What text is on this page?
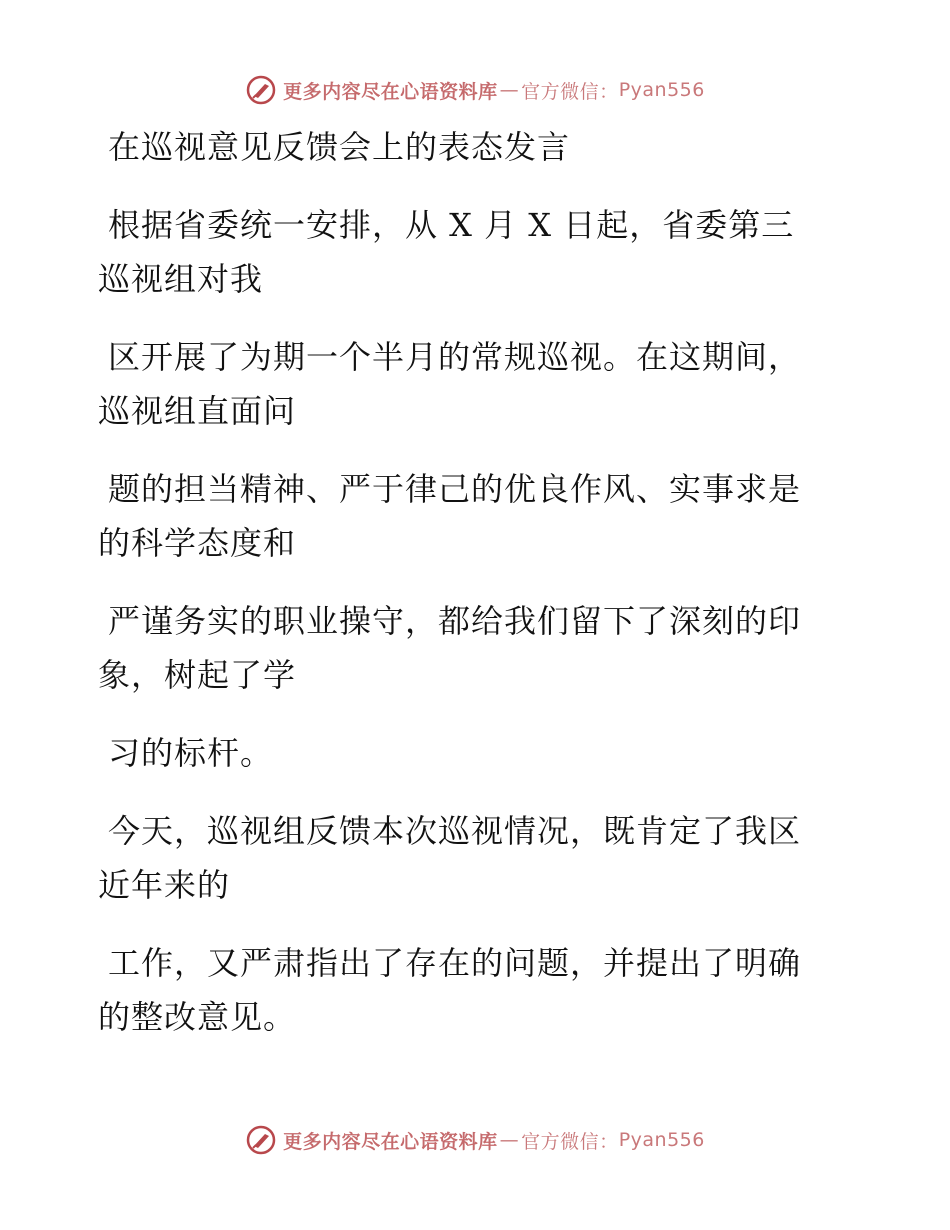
更多内容尽在心语资料库 — 官方微信： Pyan556
在巡视意见反馈会上的表态发言
根据省委统一安排，从 X 月 X 日起，省委第三
巡视组对我
区开展了为期一个半月的常规巡视。在这期间，
巡视组直面问
题的担当精神、严于律己的优良作风、实事求是
的科学态度和
严谨务实的职业操守，都给我们留下了深刻的印
象，树起了学
习的标杆。
今天，巡视组反馈本次巡视情况，既肯定了我区
近年来的
工作，又严肃指出了存在的问题，并提出了明确
的整改意见。
更多内容尽在心语资料库 — 官方微信： Pyan556
